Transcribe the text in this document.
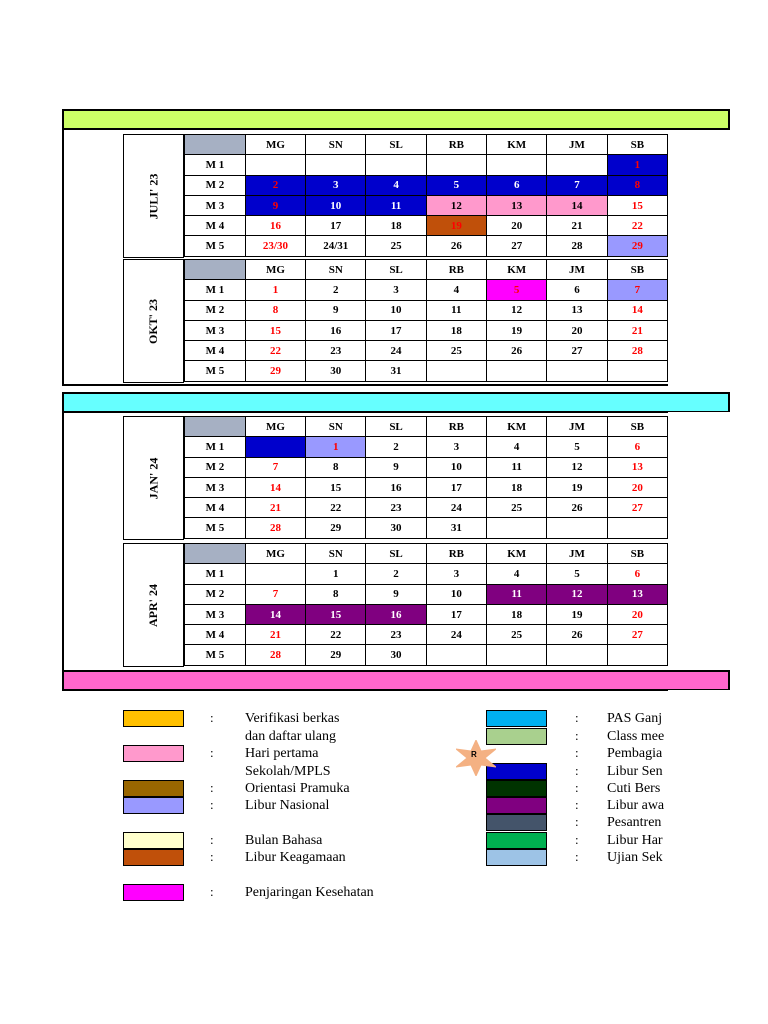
JULI' 23
	MG	SN	SL	RB	KM	JM	SB
M 1							1
M 2	2	3	4	5	6	7	8
M 3	9	10	11	12	13	14	15
M 4	16	17	18	19	20	21	22
M 5	23/30	24/31	25	26	27	28	29
OKT' 23
	MG	SN	SL	RB	KM	JM	SB
M 1	1	2	3	4	5	6	7
M 2	8	9	10	11	12	13	14
M 3	15	16	17	18	19	20	21
M 4	22	23	24	25	26	27	28
M 5	29	30	31				
JAN' 24
	MG	SN	SL	RB	KM	JM	SB
M 1		1	2	3	4	5	6
M 2	7	8	9	10	11	12	13
M 3	14	15	16	17	18	19	20
M 4	21	22	23	24	25	26	27
M 5	28	29	30	31			
APR' 24
	MG	SN	SL	RB	KM	JM	SB
M 1		1	2	3	4	5	6
M 2	7	8	9	10	11	12	13
M 3	14	15	16	17	18	19	20
M 4	21	22	23	24	25	26	27
M 5	28	29	30				
: Verifikasi berkas
dan daftar ulang
: Hari pertama
Sekolah/MPLS
: Orientasi Pramuka
: Libur Nasional
: Bulan Bahasa
: Libur Keagamaan
: Penjaringan Kesehatan
: PAS Ganj
: Class mee
: Pembagia
: Libur Sen
: Cuti Bers
: Libur awa
: Pesantren
: Libur Har
: Ujian Sek
R
